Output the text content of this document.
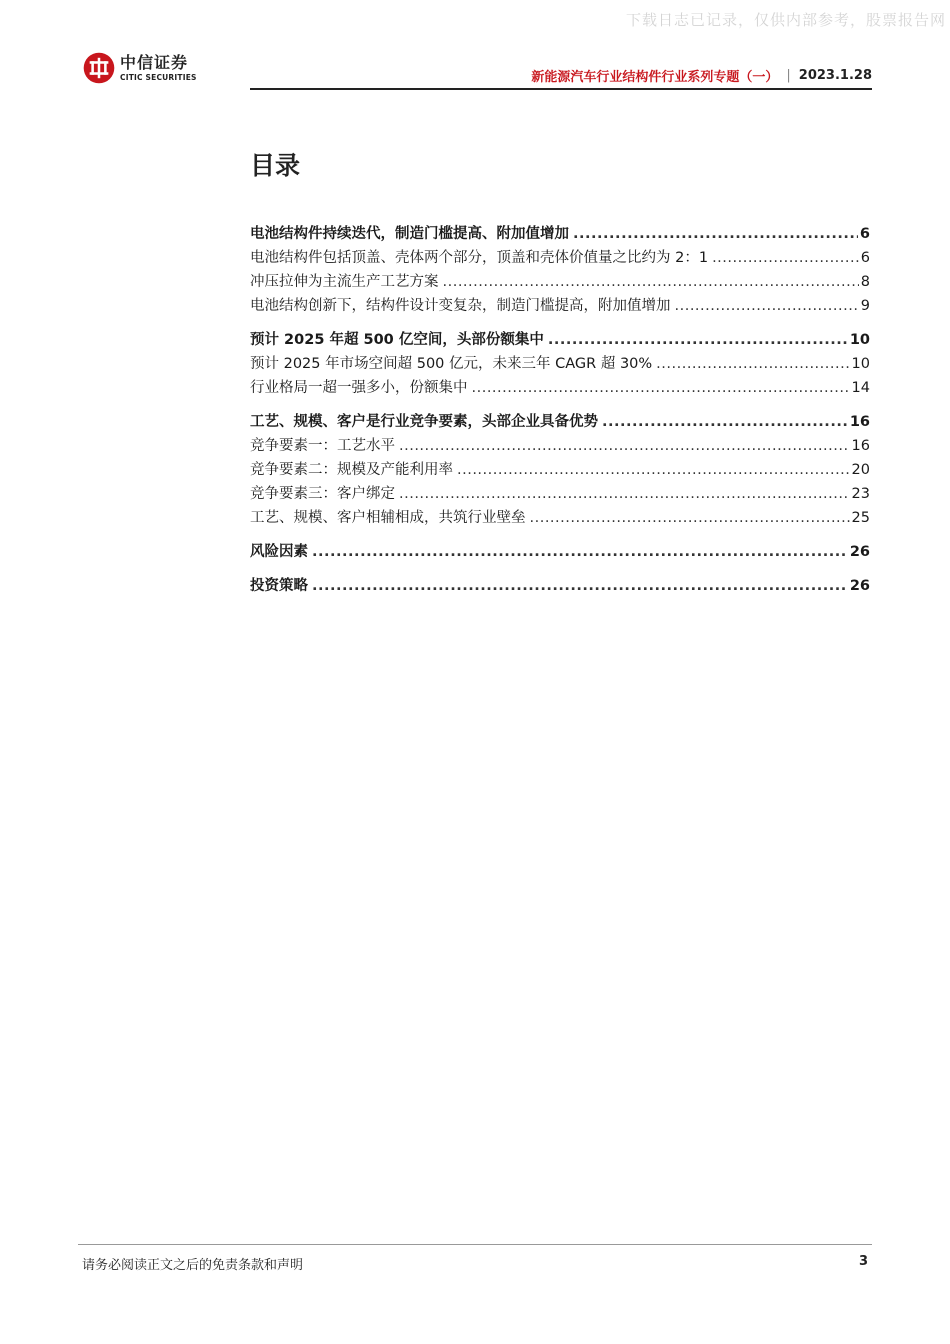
下载日志已记录，仅供内部参考，股票报告网
中信证券
CITIC SECURITIES	新能源汽车行业结构件行业系列专题（一） | 2023.1.28
目录
电池结构件持续迭代，制造门槛提高、附加值增加 .....	6
电池结构件包括顶盖、壳体两个部分，顶盖和壳体价值量之比约为 2：1 .....	6
冲压拉伸为主流生产工艺方案 .....	8
电池结构创新下，结构件设计变复杂，制造门槛提高，附加值增加 .....	9
预计 2025 年超 500 亿空间，头部份额集中 .....	10
预计 2025 年市场空间超 500 亿元，未来三年 CAGR 超 30% .....	10
行业格局一超一强多小，份额集中 .....	14
工艺、规模、客户是行业竞争要素，头部企业具备优势 .....	16
竞争要素一：工艺水平 .....	16
竞争要素二：规模及产能利用率 .....	20
竞争要素三：客户绑定 .....	23
工艺、规模、客户相辅相成，共筑行业壁垒 .....	25
风险因素 .....	26
投资策略 .....	26
请务必阅读正文之后的免责条款和声明	3
